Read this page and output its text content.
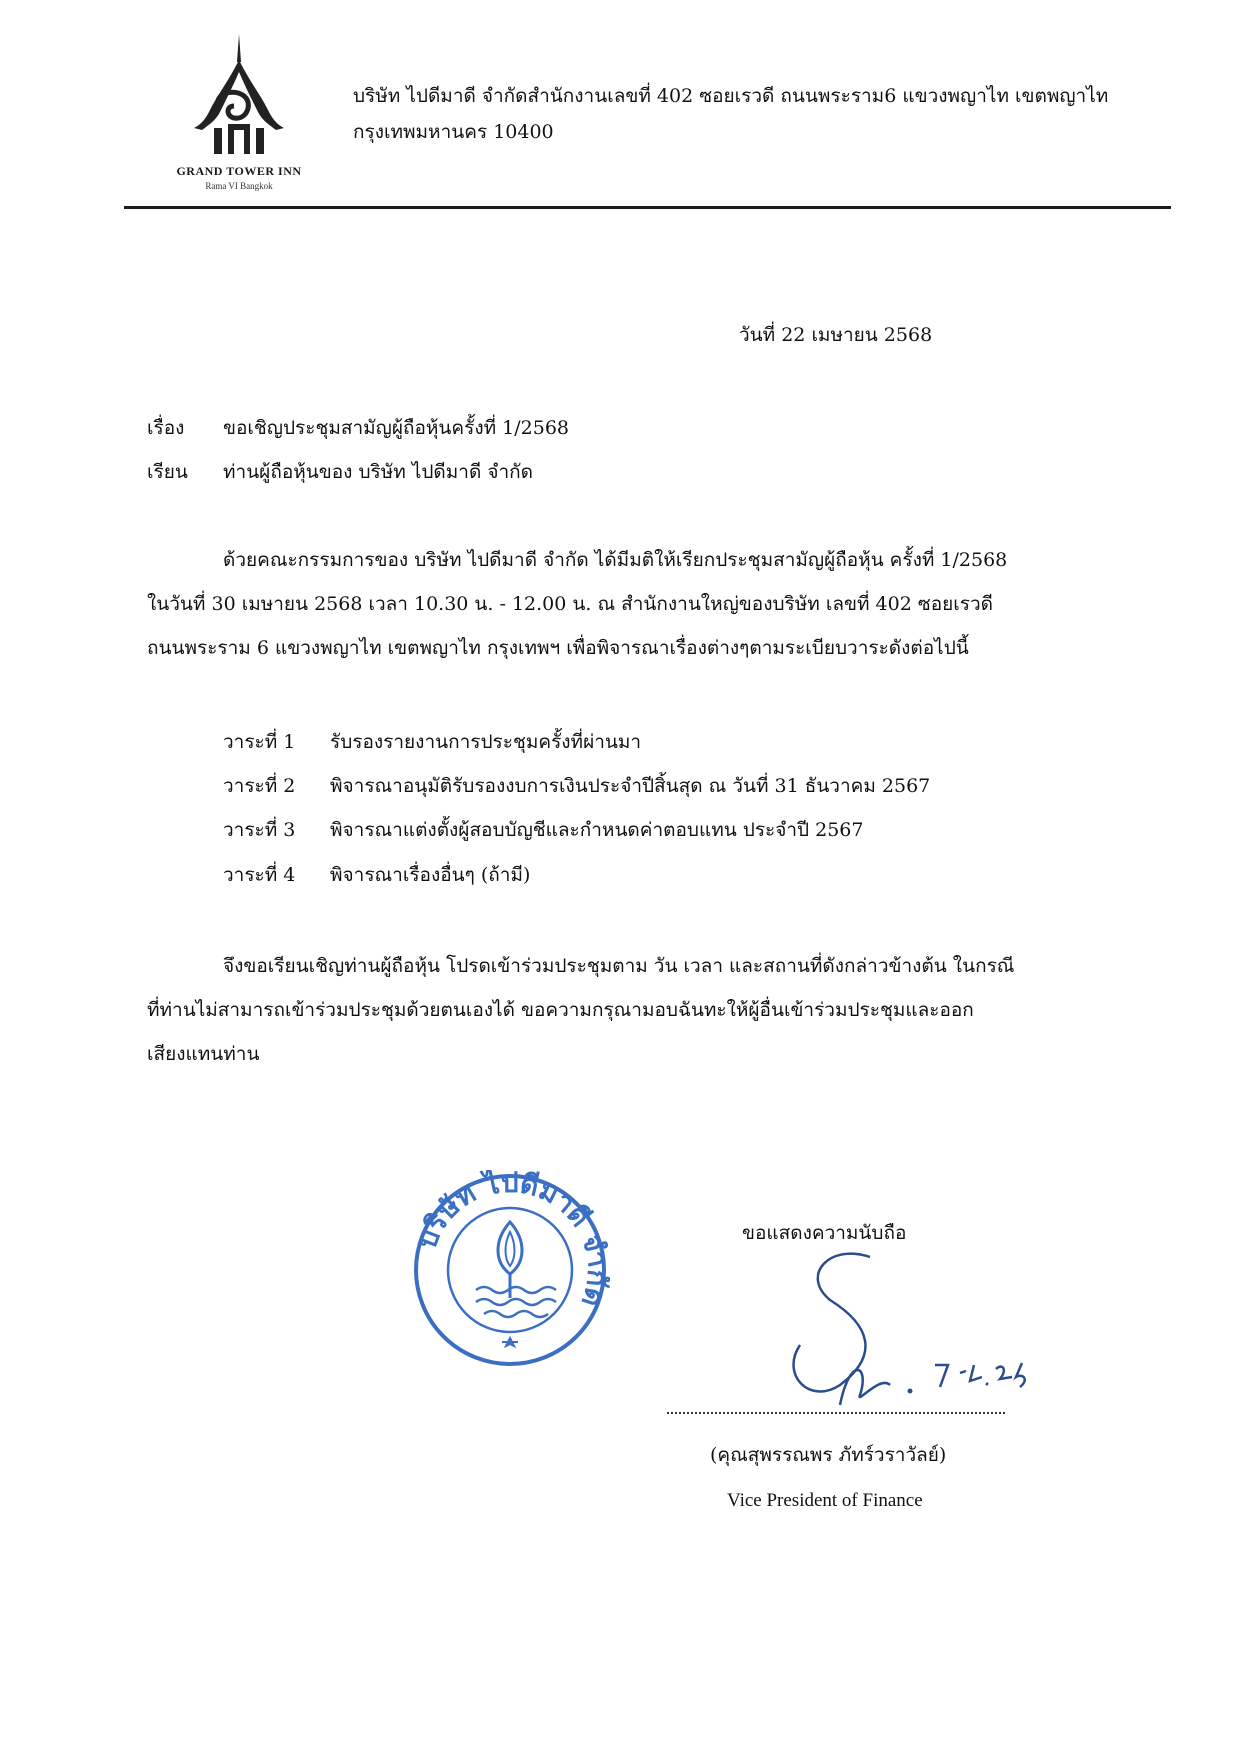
GRAND TOWER INN
Rama VI Bangkok
บริษัท ไปดีมาดี จำกัดสำนักงานเลขที่ 402 ซอยเรวดี ถนนพระราม6 แขวงพญาไท เขตพญาไท
กรุงเทพมหานคร 10400
วันที่ 22 เมษายน 2568
เรื่อง ขอเชิญประชุมสามัญผู้ถือหุ้นครั้งที่ 1/2568
เรียน ท่านผู้ถือหุ้นของ บริษัท ไปดีมาดี จำกัด
ด้วยคณะกรรมการของ บริษัท ไปดีมาดี จำกัด ได้มีมติให้เรียกประชุมสามัญผู้ถือหุ้น ครั้งที่ 1/2568
ในวันที่ 30 เมษายน 2568 เวลา 10.30 น. - 12.00 น. ณ สำนักงานใหญ่ของบริษัท เลขที่ 402 ซอยเรวดี
ถนนพระราม 6 แขวงพญาไท เขตพญาไท กรุงเทพฯ เพื่อพิจารณาเรื่องต่างๆตามระเบียบวาระดังต่อไปนี้
วาระที่ 1 รับรองรายงานการประชุมครั้งที่ผ่านมา
วาระที่ 2 พิจารณาอนุมัติรับรองงบการเงินประจำปีสิ้นสุด ณ วันที่ 31 ธันวาคม 2567
วาระที่ 3 พิจารณาแต่งตั้งผู้สอบบัญชีและกำหนดค่าตอบแทน ประจำปี 2567
วาระที่ 4 พิจารณาเรื่องอื่นๆ (ถ้ามี)
จึงขอเรียนเชิญท่านผู้ถือหุ้น โปรดเข้าร่วมประชุมตาม วัน เวลา และสถานที่ดังกล่าวข้างต้น ในกรณี
ที่ท่านไม่สามารถเข้าร่วมประชุมด้วยตนเองได้ ขอความกรุณามอบฉันทะให้ผู้อื่นเข้าร่วมประชุมและออก
เสียงแทนท่าน
บริษัท ไปดีมาดี ด
ขอแสดงความนับถือ
(คุณสุพรรณพร ภัทร์วราวัลย์)
Vice President of Finance
